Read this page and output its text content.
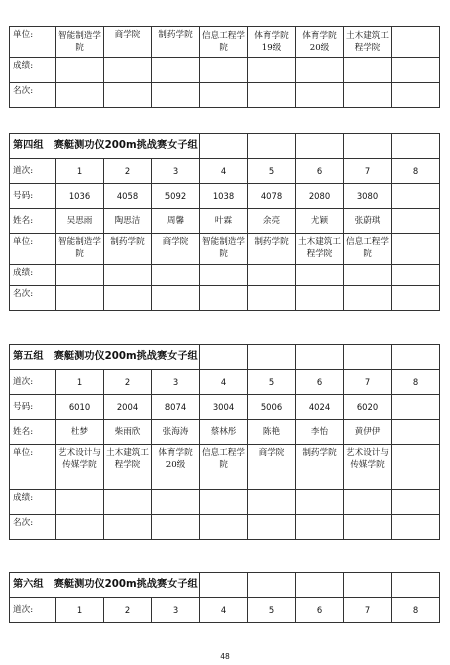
单位:	智能制造学院	商学院	制药学院	信息工程学院	体育学院19级	体育学院20级	土木建筑工程学院	
成绩:								
名次:								
第四组　赛艇测功仪200m挑战赛女子组								
道次:	1	2	3	4	5	6	7	8
号码:	1036	4058	5092	1038	4078	2080	3080	
姓名:	吴思雨	陶思洁	周馨	叶霖	余亮	尤颖	张蔚琪	
单位:	智能制造学院	制药学院	商学院	智能制造学院	制药学院	土木建筑工程学院	信息工程学院	
成绩:								
名次:								
第五组　赛艇测功仪200m挑战赛女子组								
道次:	1	2	3	4	5	6	7	8
号码:	6010	2004	8074	3004	5006	4024	6020	
姓名:	杜梦	柴雨欣	张海涛	蔡林彤	陈艳	李怡	黄伊伊	
单位:	艺术设计与传媒学院	土木建筑工程学院	体育学院20级	信息工程学院	商学院	制药学院	艺术设计与传媒学院	
成绩:								
名次:								
第六组　赛艇测功仪200m挑战赛女子组								
道次:	1	2	3	4	5	6	7	8
48
